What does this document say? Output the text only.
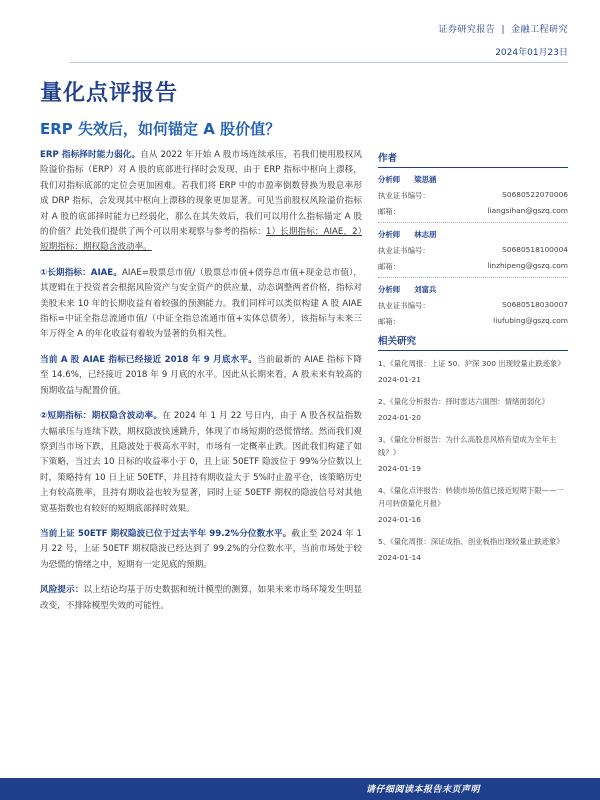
证券研究报告 | 金融工程研究
2024年01月23日
量化点评报告
ERP 失效后，如何锚定 A 股价值？

ERP 指标择时能力弱化。自从 2022 年开始 A 股市场连续承压，若我们使用股权风险溢价指标（ERP）对 A 股的底部进行择时会发现，由于 ERP 指标中枢向上漂移，我们对指标底部的定位会更加困难。若我们将 ERP 中的市盈率倒数替换为股息率形成 DRP 指标，会发现其中枢向上漂移的现象更加显著。可见当前股权风险溢价指标对 A 股的底部择时能力已经弱化，那么在其失效后，我们可以用什么指标锚定 A 股的价值？此处我们提供了两个可以用来观察与参考的指标：1）长期指标：AIAE，2）短期指标：期权隐含波动率。

①长期指标：AIAE。AIAE=股票总市值/（股票总市值+债券总市值+现金总市值），其逻辑在于投资者会根据风险资产与安全资产的供应量，动态调整两者价格，指标对美股未来 10 年的长期收益有着较强的预测能力。我们同样可以类似构建 A 股 AIAE 指标=中证全指总流通市值/（中证全指总流通市值+实体总债务），该指标与未来三年万得全 A 的年化收益有着较为显著的负相关性。

当前 A 股 AIAE 指标已经接近 2018 年 9 月底水平。当前最新的 AIAE 指标下降至 14.6%，已经接近 2018 年 9 月底的水平。因此从长期来看，A 股未来有较高的预期收益与配置价值。

②短期指标：期权隐含波动率。在 2024 年 1 月 22 号日内，由于 A 股各权益指数大幅承压与连续下跌，期权隐波快速跳升，体现了市场短期的恐慌情绪。然而我们观察到当市场下跌，且隐波处于极高水平时，市场有一定概率止跌。因此我们构建了如下策略，当过去 10 日标的收益率小于 0，且上证 50ETF 隐波位于 99%分位数以上时，策略持有 10 日上证 50ETF，并且持有期收益大于 5%时止盈平仓，该策略历史上有较高胜率，且持有期收益也较为显著，同时上证 50ETF 期权的隐波信号对其他宽基指数也有较好的短期底部择时效果。

当前上证 50ETF 期权隐波已位于过去半年 99.2%分位数水平。截止至 2024 年 1 月 22 号，上证 50ETF 期权隐波已经达到了 99.2%的分位数水平，当前市场处于较为恐慌的情绪之中，短期有一定见底的预期。

风险提示：以上结论均基于历史数据和统计模型的测算，如果未来市场环境发生明显改变，不排除模型失效的可能性。

作者
分析师 梁思涵
执业证书编号：	S0680522070006
邮箱：	liangsihan@gszq.com
分析师 林志朋
执业证书编号：	S0680518100004
邮箱：	linzhipeng@gszq.com
分析师 刘富兵
执业证书编号：	S0680518030007
邮箱：	liufubing@gszq.com
相关研究
1、《量化周报：上证 50、沪深 300 出现较量止跌迹象》
2024-01-21
2、《量化分析报告：择时雷达六面图：情绪面弱化》
2024-01-20
3、《量化分析报告：为什么高股息风格有望成为全年主线？》
2024-01-19
4、《量化点评报告：转债市场估值已接近短期下限——一月可转债量化月报》
2024-01-16
5、《量化周报：深证成指、创业板指出现较量止跌迹象》
2024-01-14
请仔细阅读本报告末页声明
